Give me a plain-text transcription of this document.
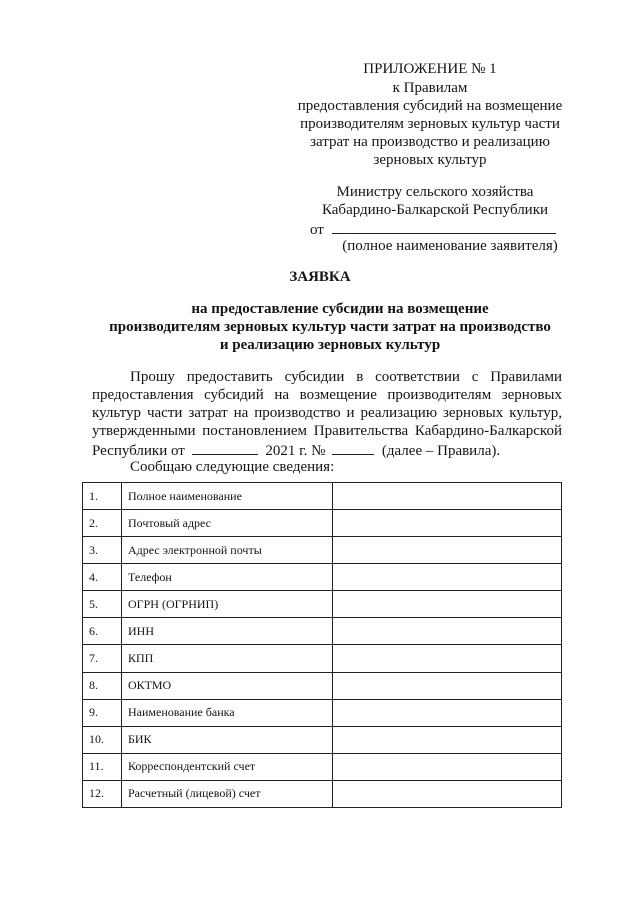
ПРИЛОЖЕНИЕ № 1
к Правилам
предоставления субсидий на возмещение
производителям зерновых культур части
затрат на производство и реализацию
зерновых культур
Министру сельского хозяйства
Кабардино-Балкарской Республики
от
(полное наименование заявителя)
ЗАЯВКА
на предоставление субсидии на возмещение
производителям зерновых культур части затрат на производство
и реализацию зерновых культур
Прошу предоставить субсидии в соответствии с Правилами
предоставления субсидий на возмещение производителям зерновых
культур части затрат на производство и реализацию зерновых культур,
утвержденными постановлением Правительства Кабардино-Балкарской
Республики от	2021 г. №	(далее – Правила).
Сообщаю следующие сведения:
1.	Полное наименование	
2.	Почтовый адрес	
3.	Адрес электронной почты	
4.	Телефон	
5.	ОГРН (ОГРНИП)	
6.	ИНН	
7.	КПП	
8.	ОКТМО	
9.	Наименование банка	
10.	БИК	
11.	Корреспондентский счет	
12.	Расчетный (лицевой) счет	
